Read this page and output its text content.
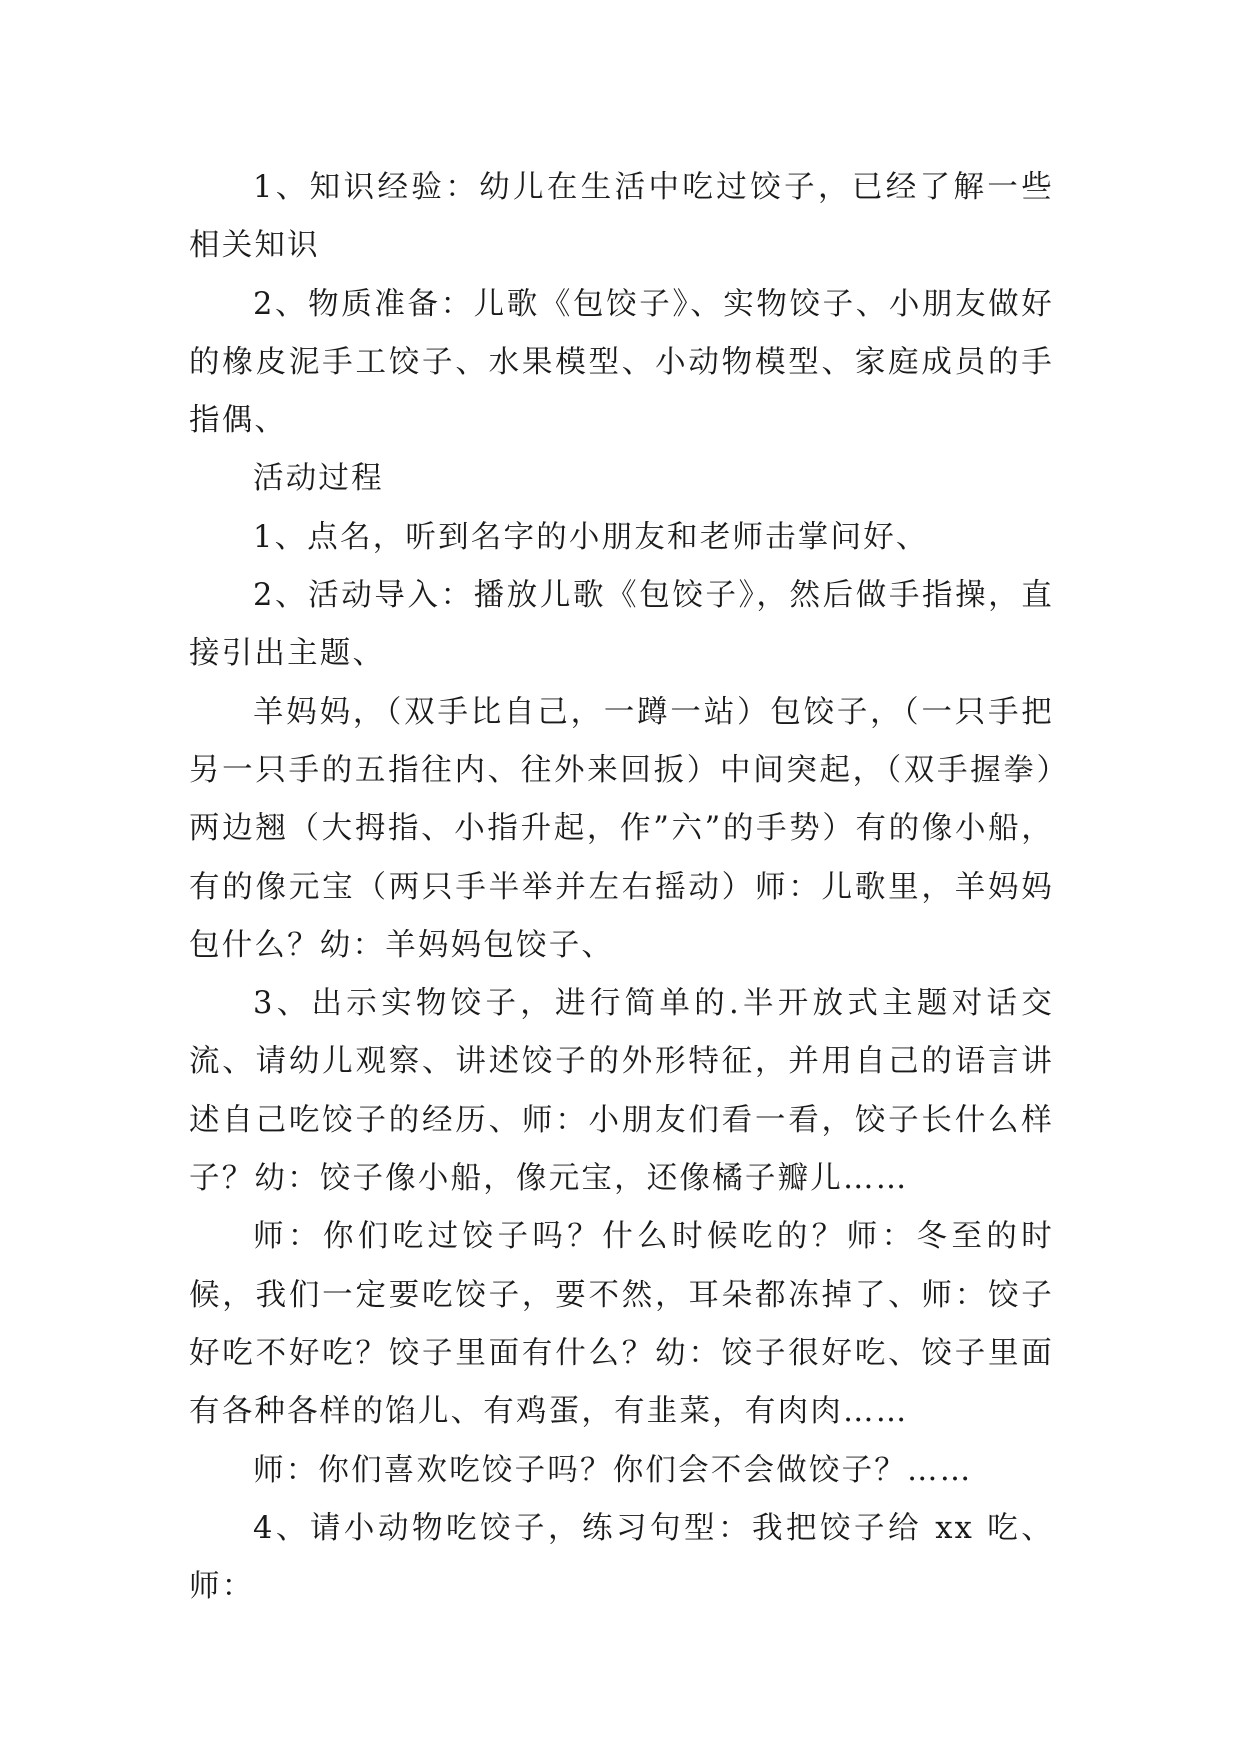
1、知识经验：幼儿在生活中吃过饺子，已经了解一些相关知识

2、物质准备：儿歌《包饺子》、实物饺子、小朋友做好的橡皮泥手工饺子、水果模型、小动物模型、家庭成员的手指偶、

活动过程

1、点名，听到名字的小朋友和老师击掌问好、

2、活动导入：播放儿歌《包饺子》，然后做手指操，直接引出主题、

羊妈妈，（双手比自己，一蹲一站）包饺子，（一只手把另一只手的五指往内、往外来回扳）中间突起，（双手握拳）两边翘（大拇指、小指升起，作”六”的手势）有的像小船，有的像元宝（两只手半举并左右摇动）师：儿歌里，羊妈妈包什么？幼：羊妈妈包饺子、

3、出示实物饺子，进行简单的.半开放式主题对话交流、请幼儿观察、讲述饺子的外形特征，并用自己的语言讲述自己吃饺子的经历、师：小朋友们看一看，饺子长什么样子？幼：饺子像小船，像元宝，还像橘子瓣儿……

师：你们吃过饺子吗？什么时候吃的？师：冬至的时候，我们一定要吃饺子，要不然，耳朵都冻掉了、师：饺子好吃不好吃？饺子里面有什么？幼：饺子很好吃、饺子里面有各种各样的馅儿、有鸡蛋，有韭菜，有肉肉……

师：你们喜欢吃饺子吗？你们会不会做饺子？……

4、请小动物吃饺子，练习句型：我把饺子给 xx 吃、师：
